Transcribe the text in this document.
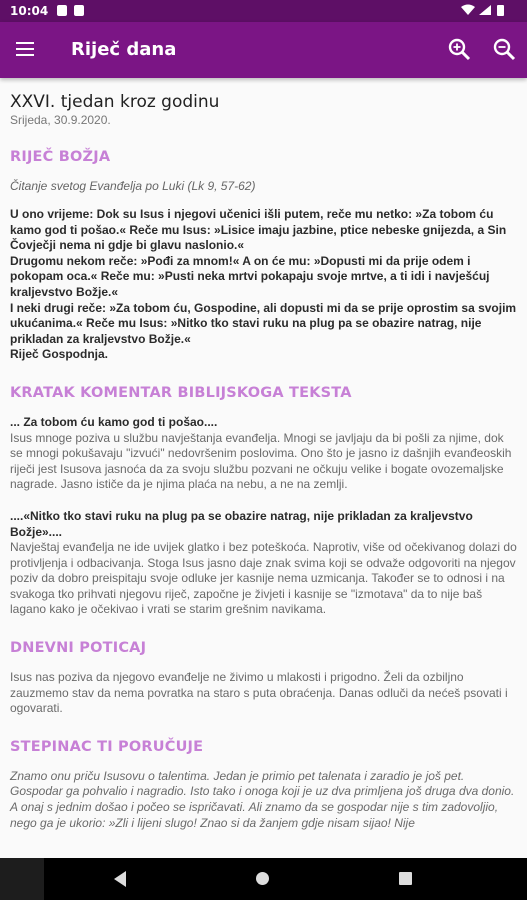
10:04
Riječ dana
XXVI. tjedan kroz godinu
Srijeda, 30.9.2020.
RIJEČ BOŽJA
Čitanje svetog Evanđelja po Luki (Lk 9, 57-62)

U ono vrijeme: Dok su Isus i njegovi učenici išli putem, reče mu netko: »Za tobom ću kamo god ti pošao.« Reče mu Isus: »Lisice imaju jazbine, ptice nebeske gnijezda, a Sin Čovječji nema ni gdje bi glavu naslonio.«

Drugomu nekom reče: »Pođi za mnom!« A on će mu: »Dopusti mi da prije odem i pokopam oca.« Reče mu: »Pusti neka mrtvi pokapaju svoje mrtve, a ti idi i navješćuj kraljevstvo Božje.«

I neki drugi reče: »Za tobom ću, Gospodine, ali dopusti mi da se prije oprostim sa svojim ukućanima.« Reče mu Isus: »Nitko tko stavi ruku na plug pa se obazire natrag, nije prikladan za kraljevstvo Božje.«

Riječ Gospodnja.

KRATAK KOMENTAR BIBLIJSKOGA TEKSTA
... Za tobom ću kamo god ti pošao....

Isus mnoge poziva u službu navještanja evanđelja. Mnogi se javljaju da bi pošli za njime, dok se mnogi pokušavaju "izvući" nedovršenim poslovima. Ono što je jasno iz dašnjih evanđeoskih riječi jest Isusova jasnoća da za svoju službu pozvani ne očkuju velike i bogate ovozemaljske nagrade. Jasno ističe da je njima plaća na nebu, a ne na zemlji.

....«Nitko tko stavi ruku na plug pa se obazire natrag, nije prikladan za kraljevstvo Božje»....

Navještaj evanđelja ne ide uvijek glatko i bez poteškoća. Naprotiv, više od očekivanog dolazi do protivljenja i odbacivanja. Stoga Isus jasno daje znak svima koji se odvaže odgovoriti na njegov poziv da dobro preispitaju svoje odluke jer kasnije nema uzmicanja. Također se to odnosi i na svakoga tko prihvati njegovu riječ, započne je živjeti i kasnije se "izmotava" da to nije baš lagano kako je očekivao i vrati se starim grešnim navikama.

DNEVNI POTICAJ

Isus nas poziva da njegovo evanđelje ne živimo u mlakosti i prigodno. Želi da ozbiljno zauzmemo stav da nema povratka na staro s puta obraćenja. Danas odluči da nećeš psovati i ogovarati.

STEPINAC TI PORUČUJE
Znamo onu priču Isusovu o talentima. Jedan je primio pet talenata i zaradio je još pet. Gospodar ga pohvalio i nagradio. Isto tako i onoga koji je uz dva primljena još druga dva donio. A onaj s jednim došao i počeo se ispričavati. Ali znamo da se gospodar nije s tim zadovoljio, nego ga je ukorio: »Zli i lijeni slugo! Znao si da žanjem gdje nisam sijao! Nije
